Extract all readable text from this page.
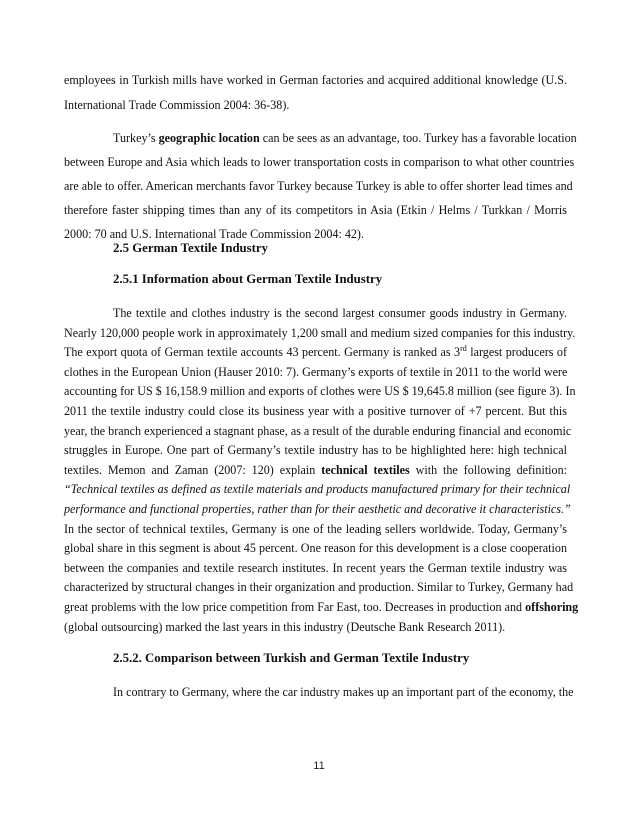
employees in Turkish mills have worked in German factories and acquired additional knowledge (U.S.
International Trade Commission 2004: 36-38).
Turkey’s geographic location can be sees as an advantage, too. Turkey has a favorable location
between Europe and Asia which leads to lower transportation costs in comparison to what other countries
are able to offer. American merchants favor Turkey because Turkey is able to offer shorter lead times and
therefore faster shipping times than any of its competitors in Asia (Etkin / Helms / Turkkan / Morris
2000: 70 and U.S. International Trade Commission 2004: 42).
2.5 German Textile Industry
2.5.1 Information about German Textile Industry
The textile and clothes industry is the second largest consumer goods industry in Germany.
Nearly 120,000 people work in approximately 1,200 small and medium sized companies for this industry.
The export quota of German textile accounts 43 percent. Germany is ranked as 3rd largest producers of
clothes in the European Union (Hauser 2010: 7). Germany’s exports of textile in 2011 to the world were
accounting for US $ 16,158.9 million and exports of clothes were US $ 19,645.8 million (see figure 3). In
2011 the textile industry could close its business year with a positive turnover of +7 percent. But this
year, the branch experienced a stagnant phase, as a result of the durable enduring financial and economic
struggles in Europe. One part of Germany’s textile industry has to be highlighted here: high technical
textiles. Memon and Zaman (2007: 120) explain technical textiles with the following definition:
“Technical textiles as defined as textile materials and products manufactured primary for their technical
performance and functional properties, rather than for their aesthetic and decorative it characteristics.”
In the sector of technical textiles, Germany is one of the leading sellers worldwide. Today, Germany’s
global share in this segment is about 45 percent. One reason for this development is a close cooperation
between the companies and textile research institutes. In recent years the German textile industry was
characterized by structural changes in their organization and production. Similar to Turkey, Germany had
great problems with the low price competition from Far East, too. Decreases in production and offshoring
(global outsourcing) marked the last years in this industry (Deutsche Bank Research 2011).
2.5.2. Comparison between Turkish and German Textile Industry
In contrary to Germany, where the car industry makes up an important part of the economy, the
11
